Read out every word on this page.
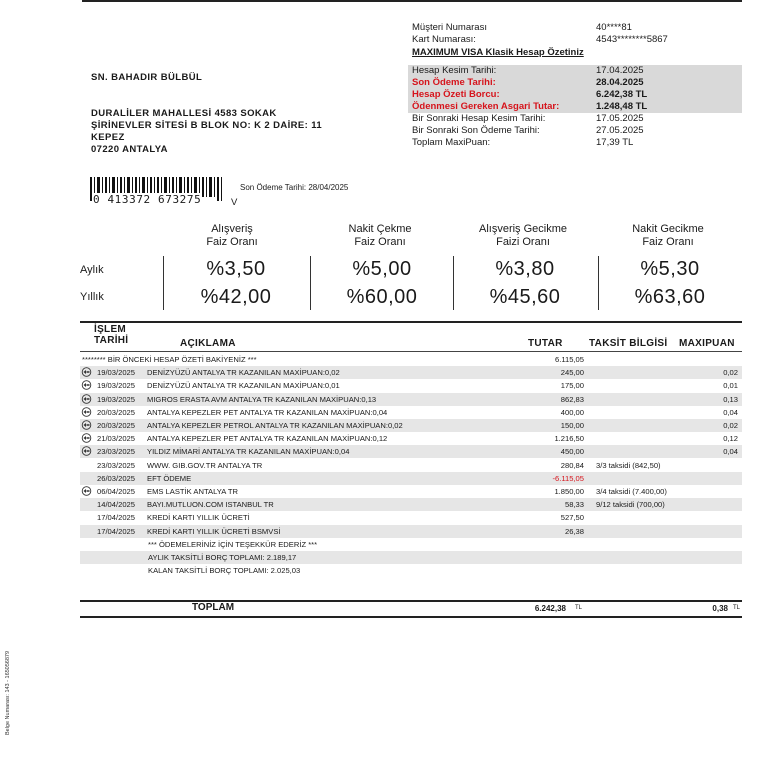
Müşteri Numarası	40****81
Kart Numarası:	4543********5867
MAXIMUM VISA Klasik Hesap Özetiniz
Hesap Kesim Tarihi:	17.04.2025
Son Ödeme Tarihi:	28.04.2025
Hesap Özeti Borcu:	6.242,38 TL
Ödenmesi Gereken Asgari Tutar:	1.248,48 TL
Bir Sonraki Hesap Kesim Tarihi:	17.05.2025
Bir Sonraki Son Ödeme Tarihi:	27.05.2025
Toplam MaxiPuan:	17,39 TL
SN. BAHADIR BÜLBÜL
DURALİLER MAHALLESİ 4583 SOKAK
ŞİRİNEVLER SİTESİ B BLOK NO: K 2 DAİRE: 11
KEPEZ
07220 ANTALYA
0 413372 673275	V
Son Ödeme Tarihi: 28/04/2025
Alışveriş
Faiz Oranı
Nakit Çekme
Faiz Oranı
Alışveriş Gecikme
Faizi Oranı
Nakit Gecikme
Faiz Oranı
Aylık
Yıllık
%3,50	%5,00	%3,80	%5,30
%42,00	%60,00	%45,60	%63,60
İŞLEM
TARİHİ	AÇIKLAMA	TUTAR	TAKSİT BİLGİSİ MAXIPUAN
******** BİR ÖNCEKİ HESAP ÖZETİ BAKİYENİZ ***	6.115,05
19/03/2025 DENİZYÜZÜ ANTALYA TR KAZANILAN MAXİPUAN:0,02	245,00	0,02
19/03/2025 DENİZYÜZÜ ANTALYA TR KAZANILAN MAXİPUAN:0,01	175,00	0,01
19/03/2025 MIGROS ERASTA AVM ANTALYA TR KAZANILAN MAXİPUAN:0,13	862,83	0,13
20/03/2025 ANTALYA KEPEZLER PET ANTALYA TR KAZANILAN MAXİPUAN:0,04	400,00	0,04
20/03/2025 ANTALYA KEPEZLER PETROL ANTALYA TR KAZANILAN MAXİPUAN:0,02	150,00	0,02
21/03/2025 ANTALYA KEPEZLER PET ANTALYA TR KAZANILAN MAXİPUAN:0,12	1.216,50	0,12
23/03/2025 YILDIZ MİMARİ ANTALYA TR KAZANILAN MAXİPUAN:0,04	450,00	0,04
23/03/2025 WWW. GIB.GOV.TR ANTALYA TR	280,84 3/3 taksidi (842,50)
26/03/2025 EFT ÖDEME	-6.115,05
06/04/2025 EMS LASTİK ANTALYA TR	1.850,00 3/4 taksidi (7.400,00)
14/04/2025 BAYI.MUTLUON.COM ISTANBUL TR	58,33 9/12 taksidi (700,00)
17/04/2025 KREDİ KARTI YILLIK ÜCRETİ	527,50
17/04/2025 KREDİ KARTI YILLIK ÜCRETİ BSMVSİ	26,38
*** ÖDEMELERİNİZ İÇİN TEŞEKKÜR EDERİZ ***
AYLIK TAKSİTLİ BORÇ TOPLAMI: 2.189,17
KALAN TAKSİTLİ BORÇ TOPLAMI: 2.025,03
TOPLAM	6.242,38 TL	0,38 TL
Belge Numarası: 143 - 165056879
